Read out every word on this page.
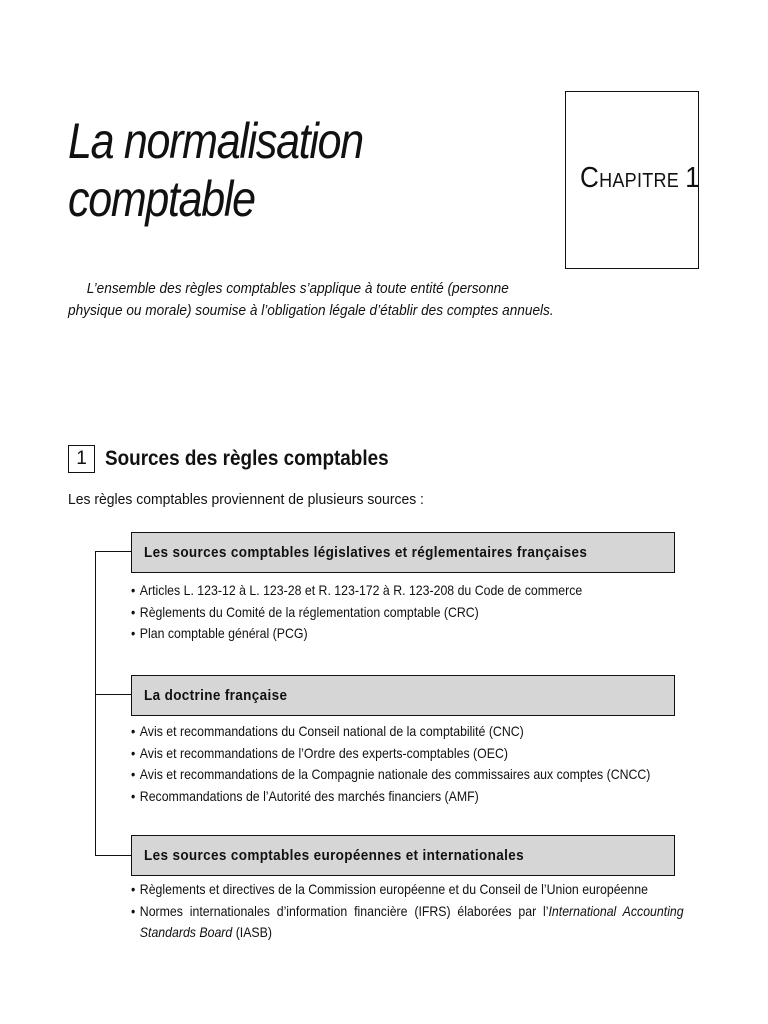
La normalisation
comptable	CHAPITRE 1

L’ensemble des règles comptables s’applique à toute entité (personne physique ou morale) soumise à l’obligation légale d’établir des comptes annuels.

1 Sources des règles comptables
Les règles comptables proviennent de plusieurs sources :
Les sources comptables législatives et réglementaires françaises
• Articles L. 123-12 à L. 123-28 et R. 123-172 à R. 123-208 du Code de commerce
• Règlements du Comité de la réglementation comptable (CRC)
• Plan comptable général (PCG)
La doctrine française
• Avis et recommandations du Conseil national de la comptabilité (CNC)
• Avis et recommandations de l’Ordre des experts-comptables (OEC)
• Avis et recommandations de la Compagnie nationale des commissaires aux comptes (CNCC)
• Recommandations de l’Autorité des marchés financiers (AMF)
Les sources comptables européennes et internationales
• Règlements et directives de la Commission européenne et du Conseil de l’Union européenne
• Normes internationales d’information financière (IFRS) élaborées par l’International Accounting Standards Board (IASB)
